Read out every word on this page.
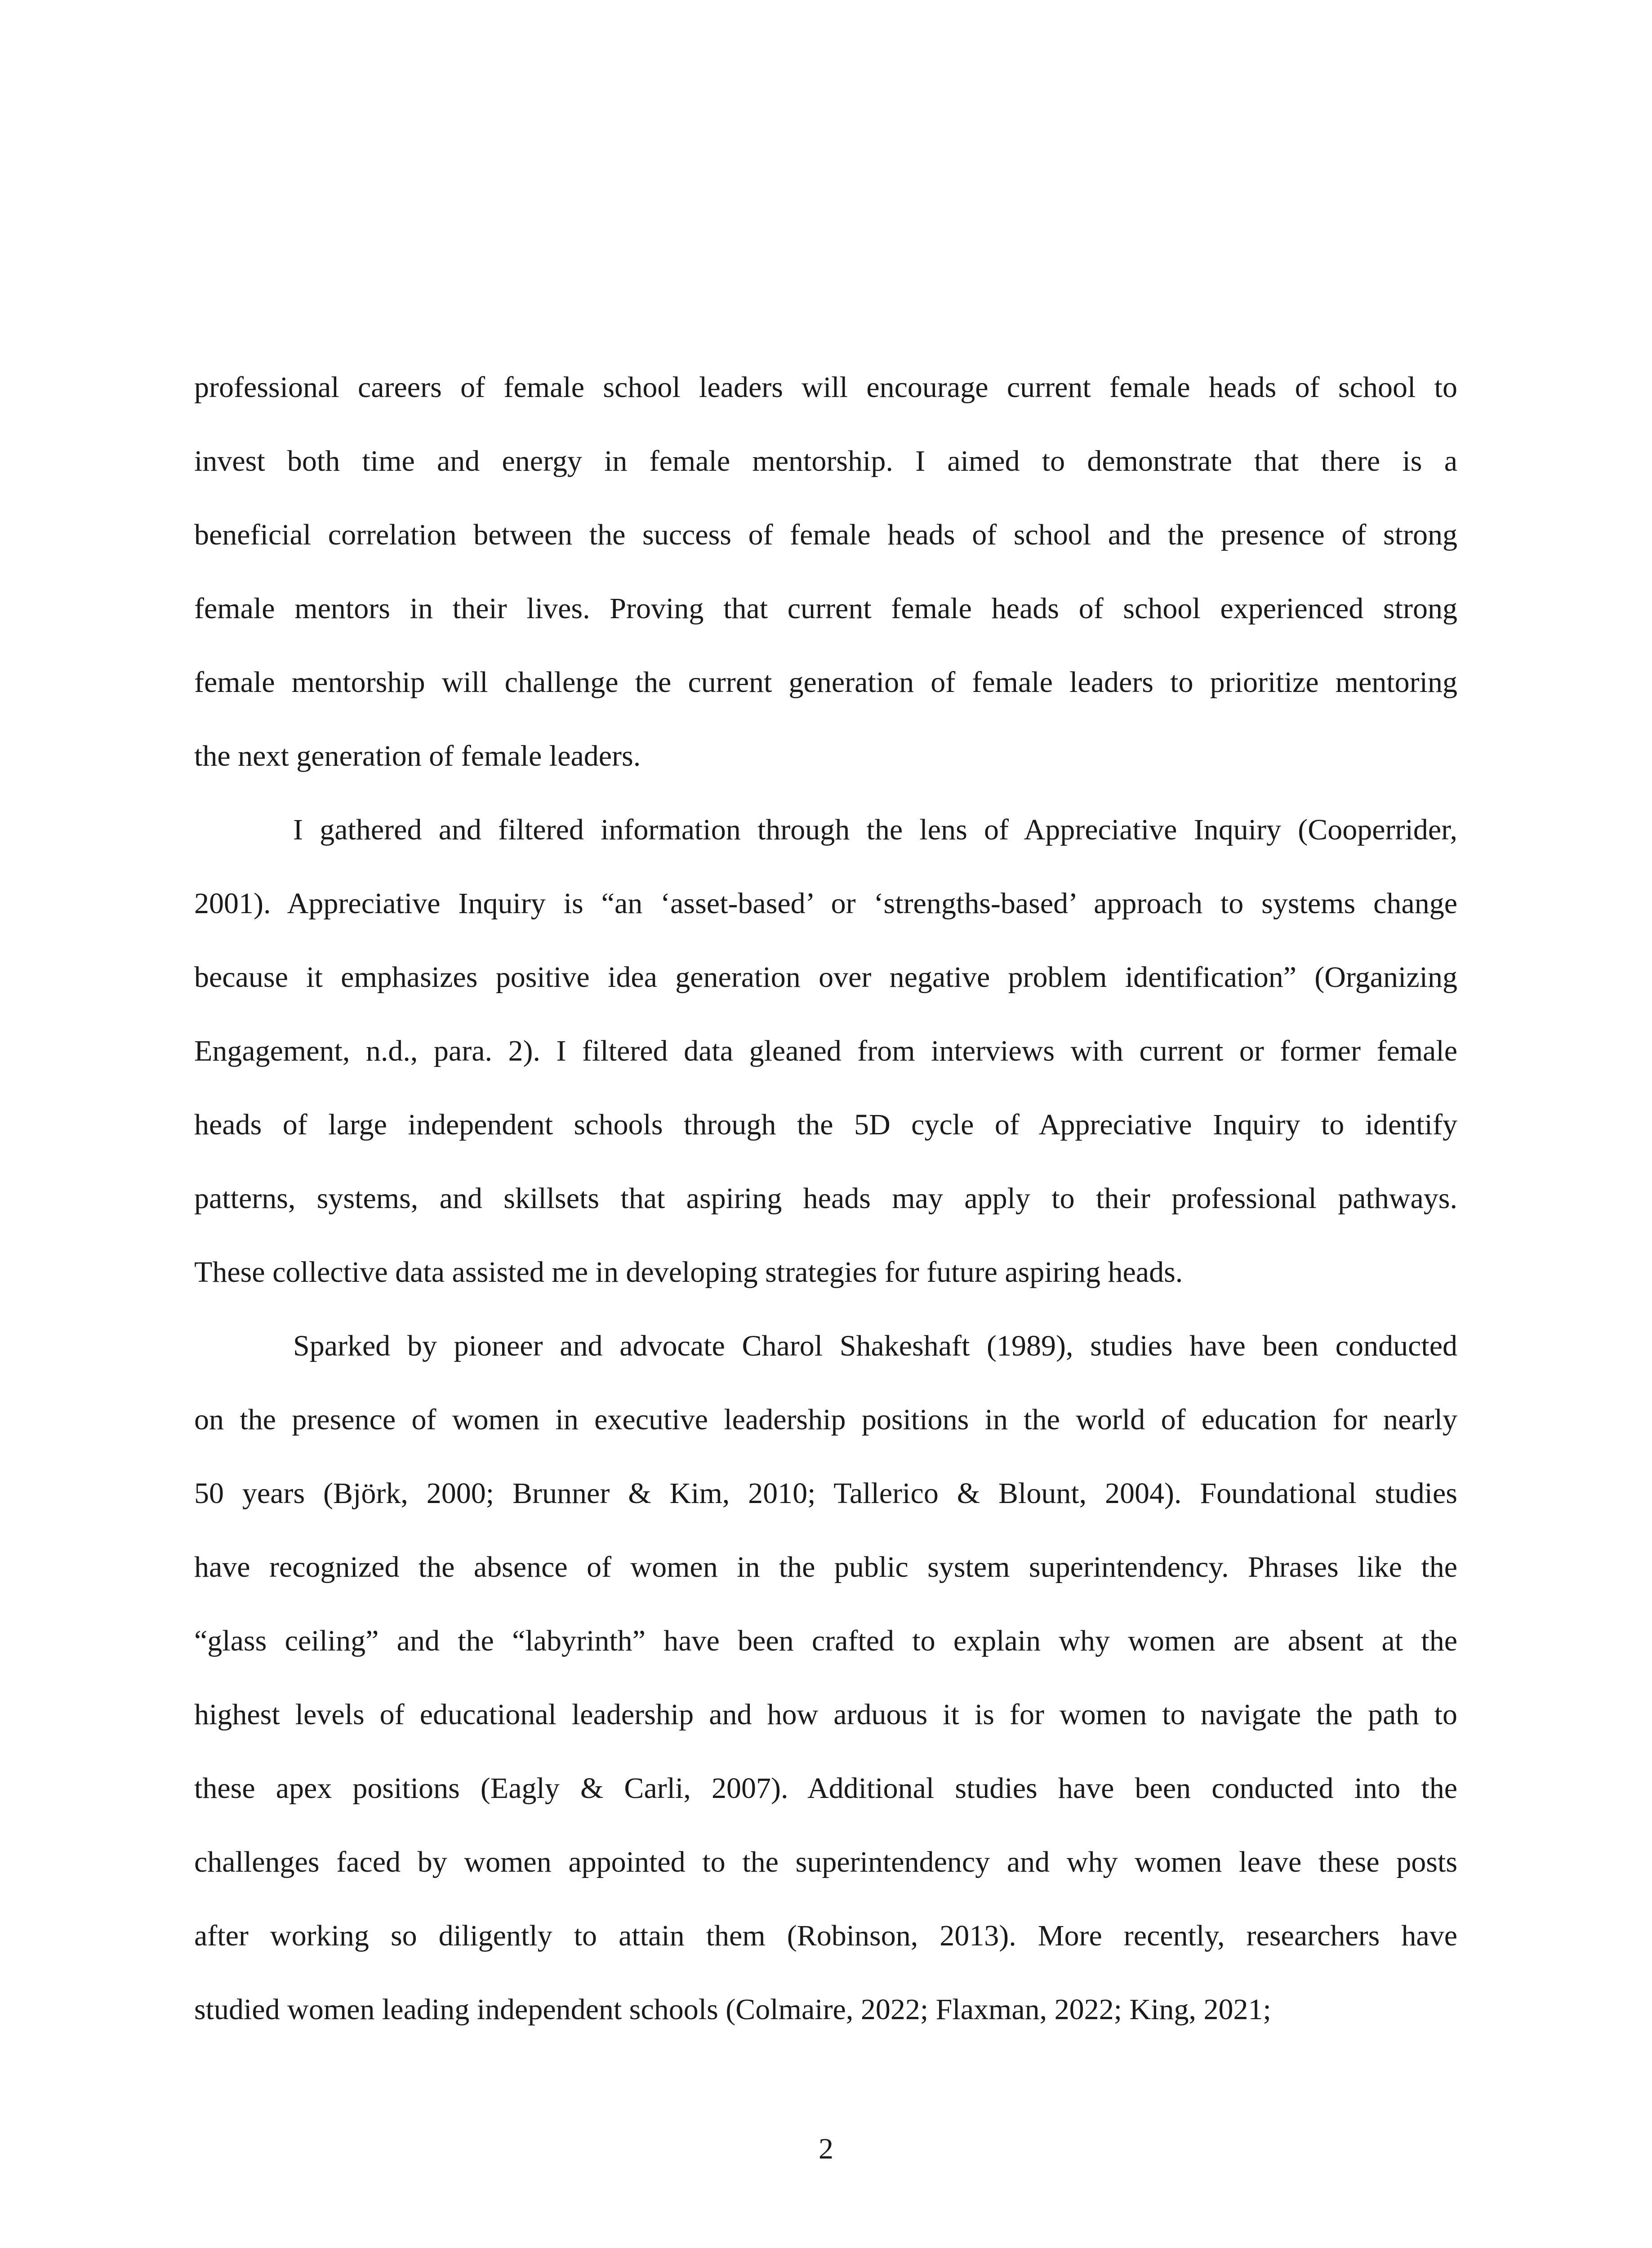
professional careers of female school leaders will encourage current female heads of school to
invest both time and energy in female mentorship. I aimed to demonstrate that there is a
beneficial correlation between the success of female heads of school and the presence of strong
female mentors in their lives. Proving that current female heads of school experienced strong
female mentorship will challenge the current generation of female leaders to prioritize mentoring
the next generation of female leaders.
I gathered and filtered information through the lens of Appreciative Inquiry (Cooperrider,
2001). Appreciative Inquiry is “an ‘asset-based’ or ‘strengths-based’ approach to systems change
because it emphasizes positive idea generation over negative problem identification” (Organizing
Engagement, n.d., para. 2). I filtered data gleaned from interviews with current or former female
heads of large independent schools through the 5D cycle of Appreciative Inquiry to identify
patterns, systems, and skillsets that aspiring heads may apply to their professional pathways.
These collective data assisted me in developing strategies for future aspiring heads.
Sparked by pioneer and advocate Charol Shakeshaft (1989), studies have been conducted
on the presence of women in executive leadership positions in the world of education for nearly
50 years (Björk, 2000; Brunner & Kim, 2010; Tallerico & Blount, 2004). Foundational studies
have recognized the absence of women in the public system superintendency. Phrases like the
“glass ceiling” and the “labyrinth” have been crafted to explain why women are absent at the
highest levels of educational leadership and how arduous it is for women to navigate the path to
these apex positions (Eagly & Carli, 2007). Additional studies have been conducted into the
challenges faced by women appointed to the superintendency and why women leave these posts
after working so diligently to attain them (Robinson, 2013). More recently, researchers have
studied women leading independent schools (Colmaire, 2022; Flaxman, 2022; King, 2021;
2
